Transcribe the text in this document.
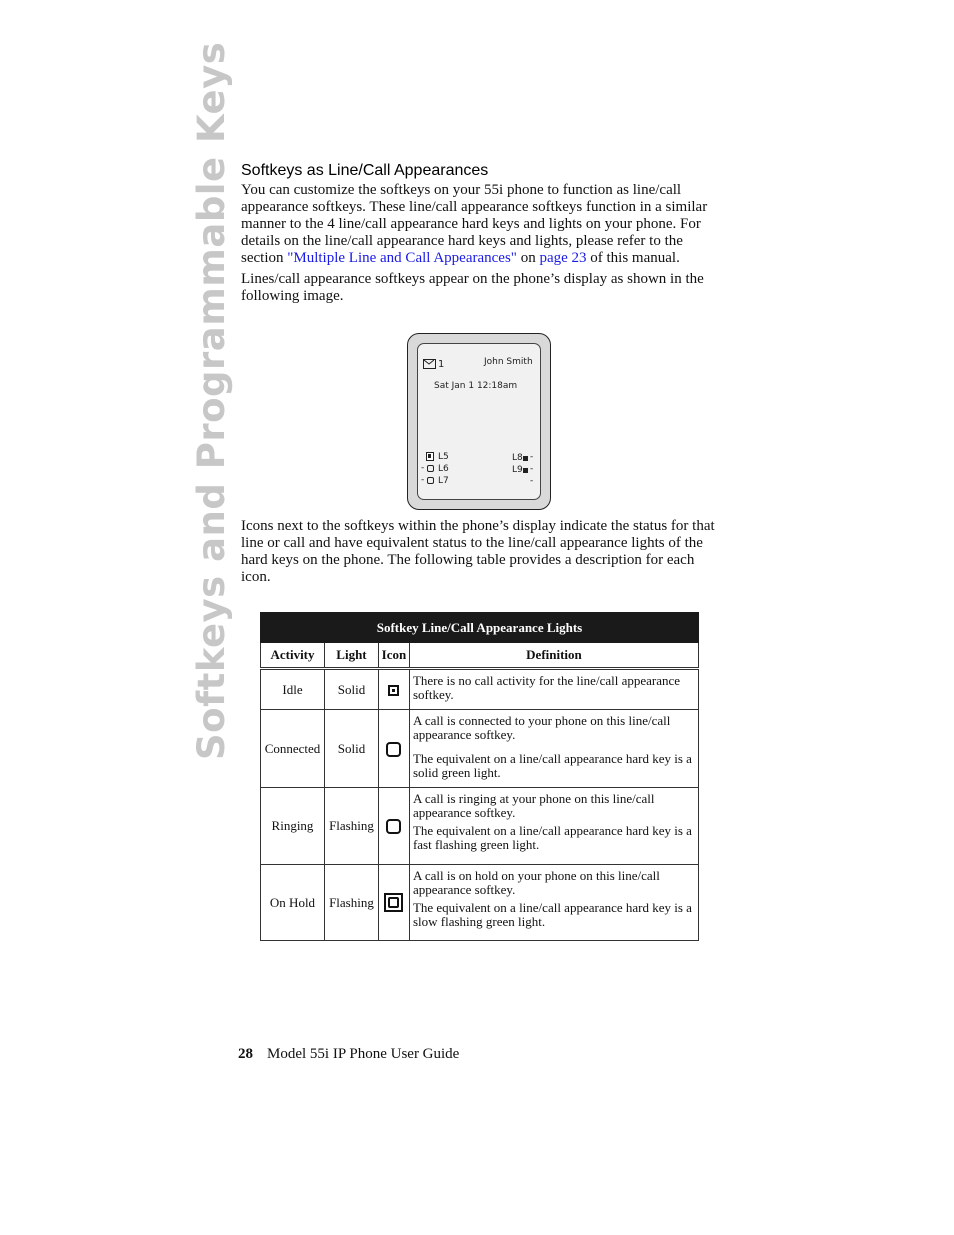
Softkeys and Programmable Keys Softkeys as Line/Call Appearances

You can customize the softkeys on your 55i phone to function as line/call appearance softkeys. These line/call appearance softkeys function in a similar manner to the 4 line/call appearance hard keys and lights on your phone. For details on the line/call appearance hard keys and lights, please refer to the section "Multiple Line and Call Appearances" on page 23 of this manual.

Lines/call appearance softkeys appear on the phone’s display as shown in the following image.

1	John Smith
Sat Jan 1 12:18am
-
-
L5
L6
L7
L8
L9
-
-
-

Icons next to the softkeys within the phone’s display indicate the status for that line or call and have equivalent status to the line/call appearance lights of the hard keys on the phone. The following table provides a description for each icon.

Softkey Line/Call Appearance Lights			
Activity	Light	Icon	Definition
Idle	Solid		There is no call activity for the line/call appearance softkey.

Connected	Solid		A call is connected to your phone on this line/call appearance softkey.
The equivalent on a line/call appearance hard key is a solid green light.

Ringing	Flashing		A call is ringing at your phone on this line/call appearance softkey.
The equivalent on a line/call appearance hard key is a fast flashing green light.

On Hold	Flashing		A call is on hold on your phone on this line/call appearance softkey.
The equivalent on a line/call appearance hard key is a slow flashing green light.
28 Model 55i IP Phone User Guide
